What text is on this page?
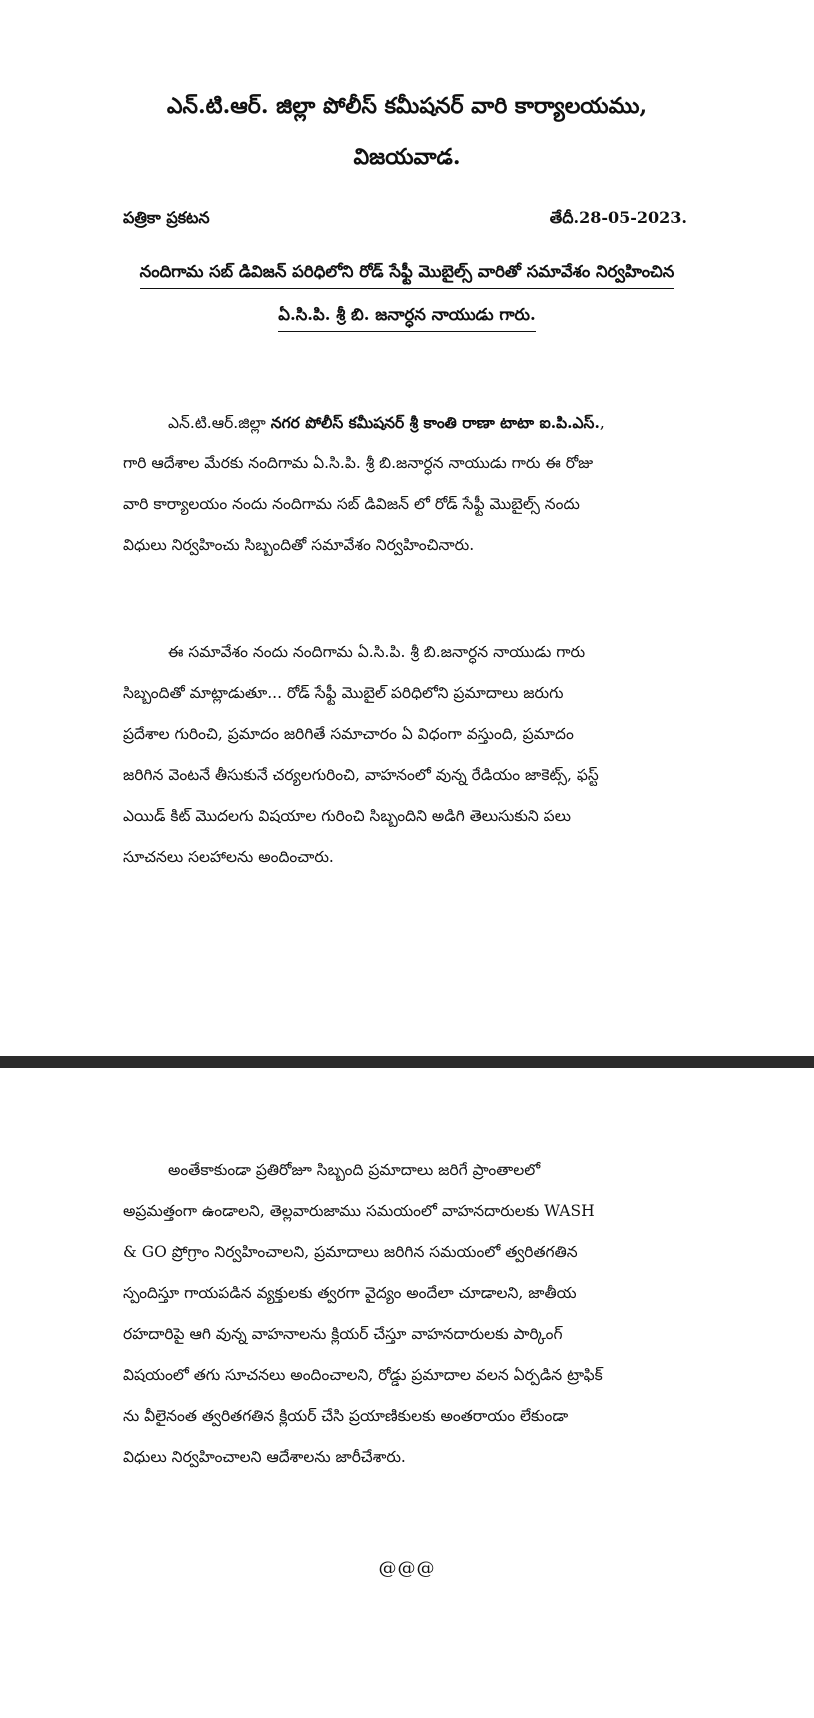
ఎన్.టి.ఆర్. జిల్లా పోలీస్ కమీషనర్ వారి కార్యాలయము,
విజయవాడ.
పత్రికా ప్రకటన	తేదీ.28-05-2023.
నందిగామ సబ్ డివిజన్ పరిధిలోని రోడ్ సేఫ్టీ మొబైల్స్ వారితో సమావేశం నిర్వహించిన
ఏ.సి.పి. శ్రీ బి. జనార్ధన నాయుడు గారు.
ఎన్.టి.ఆర్.జిల్లా నగర పోలీస్ కమీషనర్ శ్రీ కాంతి రాణా టాటా ఐ.పి.ఎస్.,
గారి ఆదేశాల మేరకు నందిగామ ఏ.సి.పి. శ్రీ బి.జనార్ధన నాయుడు గారు ఈ రోజు
వారి కార్యాలయం నందు నందిగామ సబ్ డివిజన్ లో రోడ్ సేఫ్టీ మొబైల్స్ నందు
విధులు నిర్వహించు సిబ్బందితో సమావేశం నిర్వహించినారు.
ఈ సమావేశం నందు నందిగామ ఏ.సి.పి. శ్రీ బి.జనార్ధన నాయుడు గారు
సిబ్బందితో మాట్లాడుతూ... రోడ్ సేఫ్టీ మొబైల్ పరిధిలోని ప్రమాదాలు జరుగు
ప్రదేశాల గురించి, ప్రమాదం జరిగితే సమాచారం ఏ విధంగా వస్తుంది, ప్రమాదం
జరిగిన వెంటనే తీసుకునే చర్యలగురించి, వాహనంలో వున్న రేడియం జాకెట్స్, ఫస్ట్
ఎయిడ్ కిట్ మొదలగు విషయాల గురించి సిబ్బందిని అడిగి తెలుసుకుని పలు
సూచనలు సలహాలను అందించారు.
అంతేకాకుండా ప్రతిరోజూ సిబ్బంది ప్రమాదాలు జరిగే ప్రాంతాలలో
అప్రమత్తంగా ఉండాలని, తెల్లవారుజాము సమయంలో వాహనదారులకు WASH
& GO ప్రోగ్రాం నిర్వహించాలని, ప్రమాదాలు జరిగిన సమయంలో త్వరితగతిన
స్పందిస్తూ గాయపడిన వ్యక్తులకు త్వరగా వైద్యం అందేలా చూడాలని, జాతీయ
రహదారిపై ఆగి వున్న వాహనాలను క్లియర్ చేస్తూ వాహనదారులకు పార్కింగ్
విషయంలో తగు సూచనలు అందించాలని, రోడ్డు ప్రమాదాల వలన ఏర్పడిన ట్రాఫిక్
ను వీలైనంత త్వరితగతిన క్లియర్ చేసి ప్రయాణికులకు అంతరాయం లేకుండా
విధులు నిర్వహించాలని ఆదేశాలను జారీచేశారు.
@@@
